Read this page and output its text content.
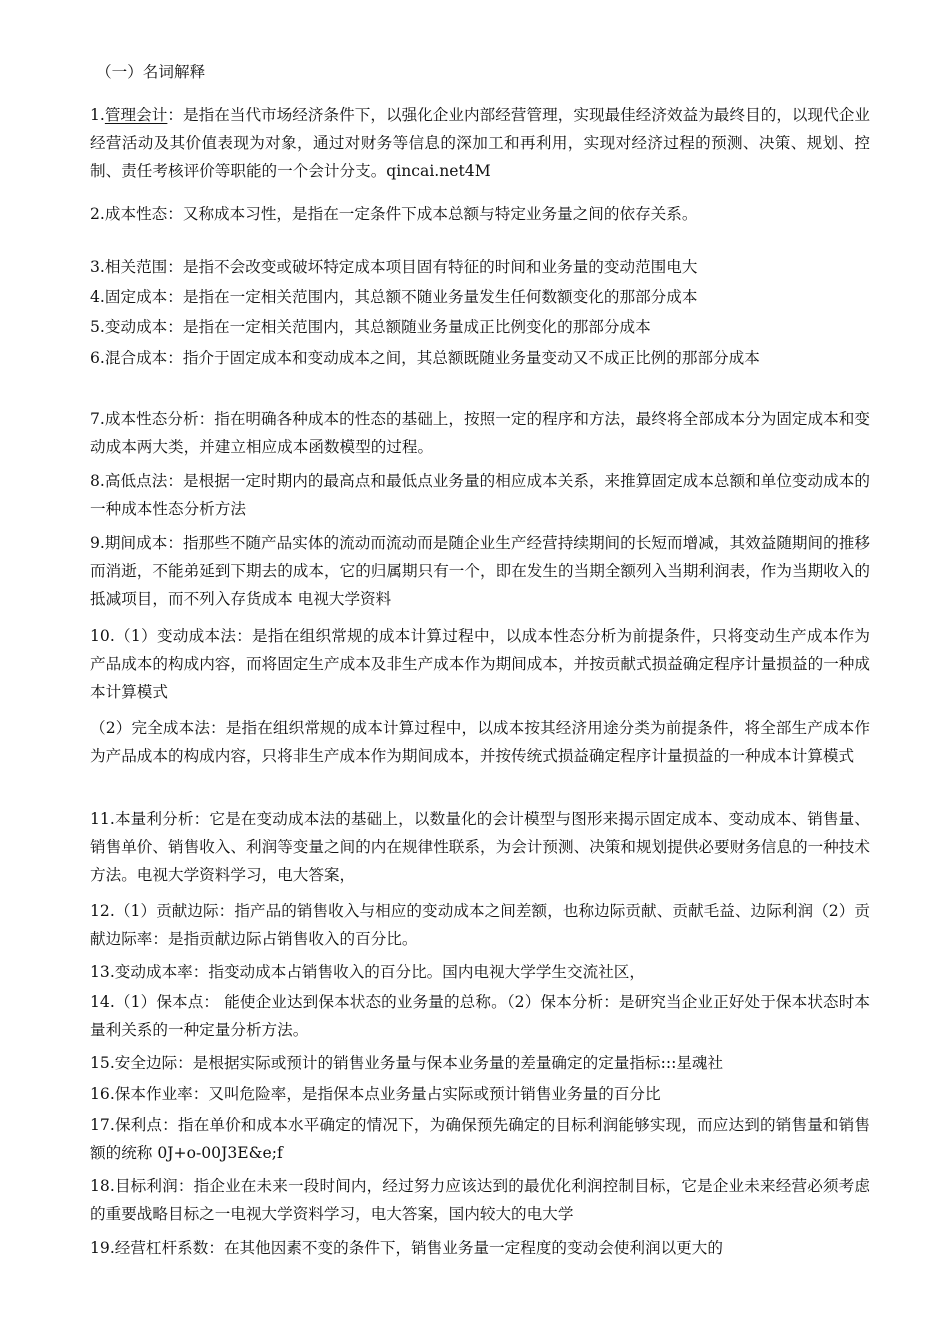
（一）名词解释
1.管理会计：是指在当代市场经济条件下，以强化企业内部经营管理，实现最佳经济效益为最终目的，以现代企业经营活动及其价值表现为对象，通过对财务等信息的深加工和再利用，实现对经济过程的预测、决策、规划、控制、责任考核评价等职能的一个会计分支。qincai.net4M
2.成本性态：又称成本习性，是指在一定条件下成本总额与特定业务量之间的依存关系。
3.相关范围：是指不会改变或破坏特定成本项目固有特征的时间和业务量的变动范围电大
4.固定成本：是指在一定相关范围内，其总额不随业务量发生任何数额变化的那部分成本
5.变动成本：是指在一定相关范围内，其总额随业务量成正比例变化的那部分成本
6.混合成本：指介于固定成本和变动成本之间，其总额既随业务量变动又不成正比例的那部分成本
7.成本性态分析：指在明确各种成本的性态的基础上，按照一定的程序和方法，最终将全部成本分为固定成本和变动成本两大类，并建立相应成本函数模型的过程。
8.高低点法：是根据一定时期内的最高点和最低点业务量的相应成本关系，来推算固定成本总额和单位变动成本的一种成本性态分析方法
9.期间成本：指那些不随产品实体的流动而流动而是随企业生产经营持续期间的长短而增减，其效益随期间的推移而消逝，不能弟延到下期去的成本，它的归属期只有一个，即在发生的当期全额列入当期利润表，作为当期收入的抵减项目，而不列入存货成本 电视大学资料
10.（1）变动成本法：是指在组织常规的成本计算过程中，以成本性态分析为前提条件，只将变动生产成本作为产品成本的构成内容，而将固定生产成本及非生产成本作为期间成本，并按贡献式损益确定程序计量损益的一种成本计算模式
（2）完全成本法：是指在组织常规的成本计算过程中，以成本按其经济用途分类为前提条件，将全部生产成本作为产品成本的构成内容，只将非生产成本作为期间成本，并按传统式损益确定程序计量损益的一种成本计算模式
11.本量利分析：它是在变动成本法的基础上，以数量化的会计模型与图形来揭示固定成本、变动成本、销售量、销售单价、销售收入、利润等变量之间的内在规律性联系，为会计预测、决策和规划提供必要财务信息的一种技术方法。电视大学资料学习，电大答案，
12.（1）贡献边际：指产品的销售收入与相应的变动成本之间差额，也称边际贡献、贡献毛益、边际利润（2）贡献边际率：是指贡献边际占销售收入的百分比。
13.变动成本率：指变动成本占销售收入的百分比。国内电视大学学生交流社区，
14.（1）保本点： 能使企业达到保本状态的业务量的总称。（2）保本分析：是研究当企业正好处于保本状态时本量利关系的一种定量分析方法。
15.安全边际：是根据实际或预计的销售业务量与保本业务量的差量确定的定量指标:::星魂社
16.保本作业率：又叫危险率，是指保本点业务量占实际或预计销售业务量的百分比
17.保利点：指在单价和成本水平确定的情况下，为确保预先确定的目标利润能够实现，而应达到的销售量和销售额的统称 0J+o-00J3E&e;f
18.目标利润：指企业在未来一段时间内，经过努力应该达到的最优化利润控制目标，它是企业未来经营必须考虑的重要战略目标之一电视大学资料学习，电大答案，国内较大的电大学
19.经营杠杆系数：在其他因素不变的条件下，销售业务量一定程度的变动会使利润以更大的
